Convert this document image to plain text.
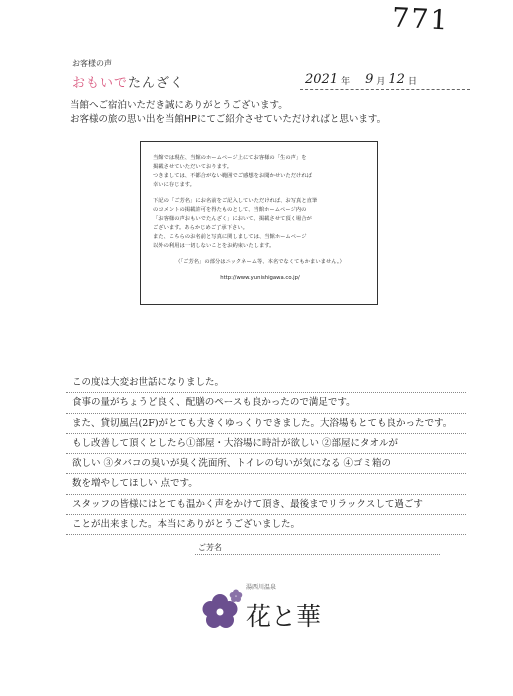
771
お客様の声
おもいでたんざく	2021 年 9 月 12 日
当館へご宿泊いただき誠にありがとうございます。
お客様の旅の思い出を当館HPにてご紹介させていただければと思います。

当館では現在、当館のホームページ上にてお客様の「生の声」を

掲載させていただいております。

つきましては、不都合がない範囲でご感想をお聞かせいただければ

幸いに存じます。

下記の「ご芳名」にお名前をご記入していただければ、お写真と直筆

のコメントの掲載許可を得たものとして、当館ホームページ内の

「お客様の声おもいでたんざく」において、掲載させて頂く場合が

ございます。あらかじめご了承下さい。

また、こちらのお名前と写真に関しましては、当館ホームページ

以外の利用は一切しないことをお約束いたします。

（「ご芳名」の部分はニックネーム等、本名でなくてもかまいません。）

http://www.yunishigawa.co.jp/

この度は大変お世話になりました。
食事の量がちょうど良く、配膳のペースも良かったので満足です。
また、貸切風呂(2F)がとても大きくゆっくりできました。大浴場もとても良かったです。
もし改善して頂くとしたら①部屋・大浴場に時計が欲しい ②部屋にタオルが
欲しい ③タバコの臭いが臭く洗面所、トイレの匂いが気になる ④ゴミ箱の
数を増やしてほしい 点です。
スタッフの皆様にはとても温かく声をかけて頂き、最後までリラックスして過ごす
ことが出来ました。本当にありがとうございました。
ご芳名
湯西川温泉
花と華
